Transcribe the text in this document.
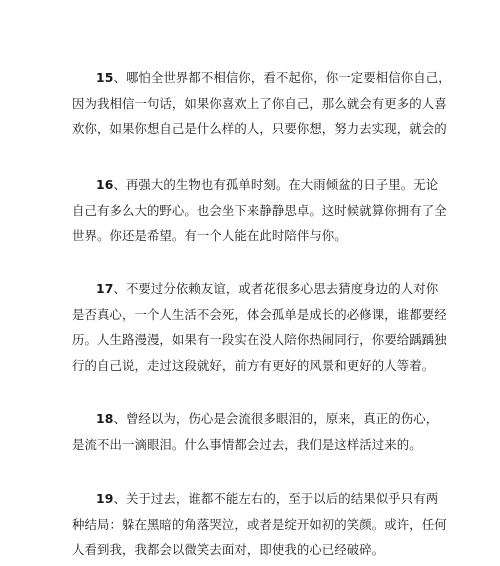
15、哪怕全世界都不相信你，看不起你，你一定要相信你自己，
因为我相信一句话，如果你喜欢上了你自己，那么就会有更多的人喜
欢你，如果你想自己是什么样的人，只要你想，努力去实现，就会的

16、再强大的生物也有孤单时刻。在大雨倾盆的日子里。无论
自己有多么大的野心。也会坐下来静静思卓。这时候就算你拥有了全
世界。你还是希望。有一个人能在此时陪伴与你。

17、不要过分依赖友谊，或者花很多心思去猜度身边的人对你
是否真心，一个人生活不会死，体会孤单是成长的必修课，谁都要经
历。人生路漫漫，如果有一段实在没人陪你热闹同行，你要给踽踽独
行的自己说，走过这段就好，前方有更好的风景和更好的人等着。

18、曾经以为，伤心是会流很多眼泪的，原来，真正的伤心，
是流不出一滴眼泪。什么事情都会过去，我们是这样活过来的。

19、关于过去，谁都不能左右的，至于以后的结果似乎只有两
种结局：躲在黑暗的角落哭泣，或者是绽开如初的笑颜。或许，任何
人看到我，我都会以微笑去面对，即使我的心已经破碎。
